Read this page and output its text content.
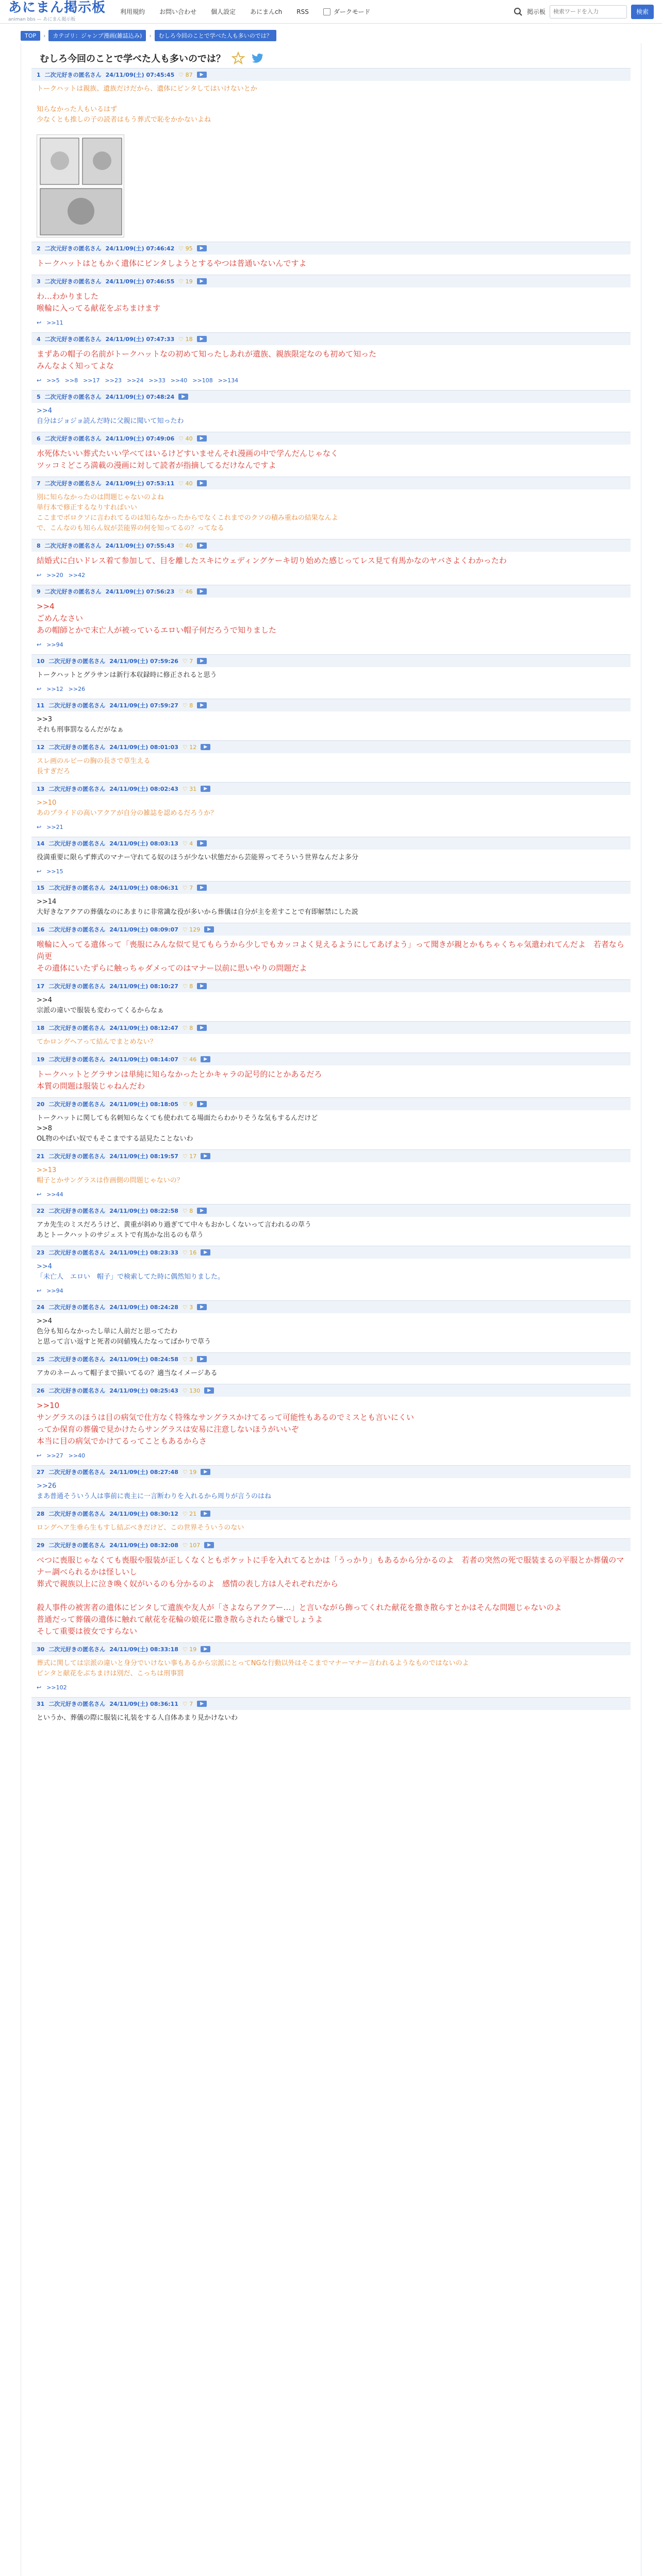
あにまん掲示板
animan bbs — あにまん掲示板
利用規約 お問い合わせ 個人設定 あにまんch RSS	ダークモード	掲示板
検索ワードを入力	検索
TOP	›	カテゴリ：ジャンプ漫画(雑誌込み)	›	むしろ今回のことで学べた人も多いのでは？
むしろ今回のことで学べた人も多いのでは？
1 二次元好きの匿名さん 24/11/09(土) 07:45:45 ♡ 87	▶
トークハットは親族、遺族だけだから、遺体にピンタしてはいけないとか

知らなかった人もいるはず
少なくとも推しの子の読者はもう葬式で恥をかかないよね
2 二次元好きの匿名さん 24/11/09(土) 07:46:42 ♡ 95	▶
トークハットはともかく遺体にピンタしようとするやつは普通いないんですよ
3 二次元好きの匿名さん 24/11/09(土) 07:46:55 ♡ 19	▶
わ…わかりました
喉輪に入ってる献花をぶちまけます
↩ >>11
4 二次元好きの匿名さん 24/11/09(土) 07:47:33 ♡ 18	▶
まずあの帽子の名前がトークハットなの初めて知ったしあれが遺族、親族限定なのも初めて知った
みんなよく知ってよな
↩ >>5 >>8 >>17 >>23 >>24 >>33 >>40 >>108 >>134
5 二次元好きの匿名さん 24/11/09(土) 07:48:24	▶
>>4
自分はジョジョ読んだ時に父親に聞いて知ったわ
6 二次元好きの匿名さん 24/11/09(土) 07:49:06 ♡ 40	▶
水死体たいい葬式たいい学べてはいるけどすいませんそれ漫画の中で学んだんじゃなく
ツッコミどころ満載の漫画に対して読者が指摘してるだけなんですよ
7 二次元好きの匿名さん 24/11/09(土) 07:53:11 ♡ 40	▶
別に知らなかったのは問題じゃないのよね
単行本で修正するなりすればいい
ここまでボロクソに言われてるのは知らなかったからでなくこれまでのクソの積み重ねの結果なんよ
で、こんなのも知らん奴が芸能界の何を知ってるの？ってなる
8 二次元好きの匿名さん 24/11/09(土) 07:55:43 ♡ 40	▶
結婚式に白いドレス着て参加して、目を離したスキにウェディングケーキ切り始めた感じってレス見て有馬かなのヤバさよくわかったわ
↩ >>20 >>42
9 二次元好きの匿名さん 24/11/09(土) 07:56:23 ♡ 46	▶
>>4
ごめんなさい
あの帽師とかで末亡人が被っているエロい帽子何だろうで知りました
↩ >>94
10 二次元好きの匿名さん 24/11/09(土) 07:59:26 ♡ 7	▶
トークハットとグラサンは新行本収録時に修正されると思う
↩ >>12 >>26
11 二次元好きの匿名さん 24/11/09(土) 07:59:27 ♡ 8	▶
>>3
それも刑事罰なるんだがなぁ
12 二次元好きの匿名さん 24/11/09(土) 08:01:03 ♡ 12	▶
スレ画のルビーの胸の長さで草生える
長すぎだろ
13 二次元好きの匿名さん 24/11/09(土) 08:02:43 ♡ 31	▶
>>10
あのプライドの高いアクアが自分の雑誌を認めるだろうか？
↩ >>21
14 二次元好きの匿名さん 24/11/09(土) 08:03:13 ♡ 4	▶
役満重要に限らず葬式のマナー守れてる奴のほうが少ない状態だから芸能界ってそういう世界なんだよ多分
↩ >>15
15 二次元好きの匿名さん 24/11/09(土) 08:06:31 ♡ 7	▶
>>14
大好きなアクアの葬儀なのにあまりに非常識な役が多いから葬儀は自分が主を差すことで有即解禁にした説
16 二次元好きの匿名さん 24/11/09(土) 08:09:07 ♡ 129	▶
喉輪に入ってる遺体って「喪服にみんな似て見てもらうから少しでもカッコよく見えるようにしてあげよう」って聞きが親とかもちゃくちゃ気遣われてんだよ　若者なら尚更
その遺体にいたずらに触っちゃダメってのはマナー以前に思いやりの問題だよ
17 二次元好きの匿名さん 24/11/09(土) 08:10:27 ♡ 8	▶
>>4
宗派の違いで服装も変わってくるからなぁ
18 二次元好きの匿名さん 24/11/09(土) 08:12:47 ♡ 8	▶
てかロングヘアって結んでまとめない？
19 二次元好きの匿名さん 24/11/09(土) 08:14:07 ♡ 46	▶
トークハットとグラサンは単純に知らなかったとかキャラの記号的にとかあるだろ
本質の問題は服装じゃねんだわ
20 二次元好きの匿名さん 24/11/09(土) 08:18:05 ♡ 9	▶
トークハットに関しても名刺知らなくても使われてる場面たらわかりそうな気もするんだけど
>>8
OL物のやばい奴でもそこまでする話見たことないわ
21 二次元好きの匿名さん 24/11/09(土) 08:19:57 ♡ 17	▶
>>13
帽子とかサングラスは作画側の問題じゃないの？
↩ >>44
22 二次元好きの匿名さん 24/11/09(土) 08:22:58 ♡ 8	▶
アカ先生のミスだろうけど、黄重が斜めり過ぎてて中々もおかしくないって言われるの草う
あとトークハットのサジェストで有馬かな出るのも草う
23 二次元好きの匿名さん 24/11/09(土) 08:23:33 ♡ 16	▶
>>4
「未亡人　エロい　帽子」で検索してた時に偶然知りました。
↩ >>94
24 二次元好きの匿名さん 24/11/09(土) 08:24:28 ♡ 3	▶
>>4
色分も知らなかったし単に人前だと思ってたわ
と思って言い返すと死者の同値残んたなってばかりで草う
25 二次元好きの匿名さん 24/11/09(土) 08:24:58 ♡ 3	▶
アカのネームって帽子まで描いてるの？適当なイメージある
26 二次元好きの匿名さん 24/11/09(土) 08:25:43 ♡ 130	▶
>>10
サングラスのほうは目の病気で仕方なく特殊なサングラスかけてるって可能性もあるのでミスとも言いにくい
ってか保育の葬儀で見かけたらサングラスは安易に注意しないほうがいいぞ
本当に目の病気でかけてるってこともあるからさ
↩ >>27 >>40
27 二次元好きの匿名さん 24/11/09(土) 08:27:48 ♡ 19	▶
>>26
まあ普通そういう人は事前に喪主に一言断わりを入れるから周りが言うのはね
28 二次元好きの匿名さん 24/11/09(土) 08:30:12 ♡ 21	▶
ロングヘア生垂ら生もすし結ぶべきだけど、この世界そういうのない
29 二次元好きの匿名さん 24/11/09(土) 08:32:08 ♡ 107	▶
べつに喪服じゃなくても喪服や服装が正しくなくともポケットに手を入れてるとかは「うっかり」もあるから分かるのよ　若者の突然の死で服装まるの平服とか葬儀のマナー調べられるかは怪しいし
葬式で親族以上に泣き喚く奴がいるのも分かるのよ　感情の表し方は人それぞれだから

殺人事件の被害者の遺体にピンタして遺族や友人が「さよならアクアー…」と言いながら飾ってくれた献花を撒き散らすとかはそんな問題じゃないのよ
普通だって葬儀の遺体に触れて献花を花輪の娘花に撒き散らされたら嫌でしょうよ
そして重要は彼女ですらない
30 二次元好きの匿名さん 24/11/09(土) 08:33:18 ♡ 19	▶
葬式に関しては宗派の違いと身分でいけない事もあるから宗派にとってNGな行動以外はそこまでマナーマナー言われるようなものではないのよ
ピンタと献花をぶちまけは別だ、こっちは刑事罰
↩ >>102
31 二次元好きの匿名さん 24/11/09(土) 08:36:11 ♡ 7	▶
というか、葬儀の際に服装に礼装をする人自体あまり見かけないわ
